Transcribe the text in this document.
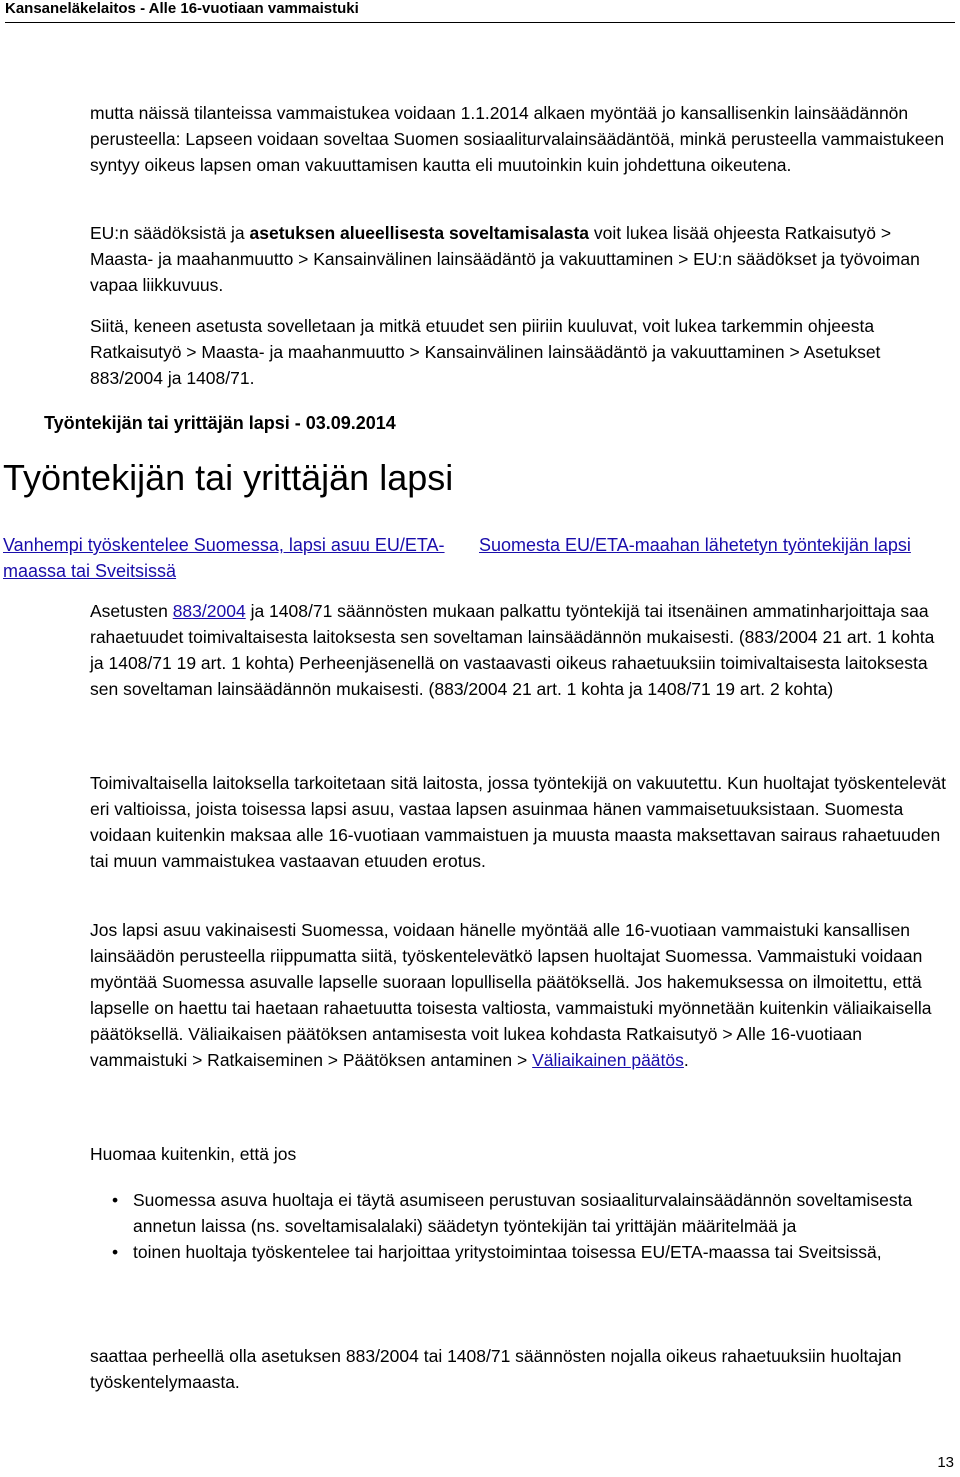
Kansaneläkelaitos - Alle 16-vuotiaan vammaistuki

mutta näissä tilanteissa vammaistukea voidaan 1.1.2014 alkaen myöntää jo kansallisenkin lainsäädännön perusteella: Lapseen voidaan soveltaa Suomen sosiaaliturvalainsäädäntöä, minkä perusteella vammaistukeen syntyy oikeus lapsen oman vakuuttamisen kautta eli muutoinkin kuin johdettuna oikeutena.

EU:n säädöksistä ja asetuksen alueellisesta soveltamisalasta voit lukea lisää ohjeesta Ratkaisutyö > Maasta- ja maahanmuutto > Kansainvälinen lainsäädäntö ja vakuuttaminen > EU:n säädökset ja työvoiman vapaa liikkuvuus.

Siitä, keneen asetusta sovelletaan ja mitkä etuudet sen piiriin kuuluvat, voit lukea tarkemmin ohjeesta Ratkaisutyö > Maasta- ja maahanmuutto > Kansainvälinen lainsäädäntö ja vakuuttaminen > Asetukset 883/2004 ja 1408/71.

Työntekijän tai yrittäjän lapsi - 03.09.2014
Työntekijän tai yrittäjän lapsi
Vanhempi työskentelee Suomessa, lapsi asuu EU/ETA-maassa tai Sveitsissä
Suomesta EU/ETA-maahan lähetetyn työntekijän lapsi

Asetusten 883/2004 ja 1408/71 säännösten mukaan palkattu työntekijä tai itsenäinen ammatinharjoittaja saa rahaetuudet toimivaltaisesta laitoksesta sen soveltaman lainsäädännön mukaisesti. (883/2004 21 art. 1 kohta ja 1408/71 19 art. 1 kohta) Perheenjäsenellä on vastaavasti oikeus rahaetuuksiin toimivaltaisesta laitoksesta sen soveltaman lainsäädännön mukaisesti. (883/2004 21 art. 1 kohta ja 1408/71 19 art. 2 kohta)

Toimivaltaisella laitoksella tarkoitetaan sitä laitosta, jossa työntekijä on vakuutettu. Kun huoltajat työskentelevät eri valtioissa, joista toisessa lapsi asuu, vastaa lapsen asuinmaa hänen vammaisetuuksistaan. Suomesta voidaan kuitenkin maksaa alle 16-vuotiaan vammaistuen ja muusta maasta maksettavan sairaus rahaetuuden tai muun vammaistukea vastaavan etuuden erotus.

Jos lapsi asuu vakinaisesti Suomessa, voidaan hänelle myöntää alle 16-vuotiaan vammaistuki kansallisen lainsäädön perusteella riippumatta siitä, työskentelevätkö lapsen huoltajat Suomessa. Vammaistuki voidaan myöntää Suomessa asuvalle lapselle suoraan lopullisella päätöksellä. Jos hakemuksessa on ilmoitettu, että lapselle on haettu tai haetaan rahaetuutta toisesta valtiosta, vammaistuki myönnetään kuitenkin väliaikaisella päätöksellä. Väliaikaisen päätöksen antamisesta voit lukea kohdasta Ratkaisutyö > Alle 16-vuotiaan vammaistuki > Ratkaiseminen > Päätöksen antaminen > Väliaikainen päätös.

Huomaa kuitenkin, että jos

• Suomessa asuva huoltaja ei täytä asumiseen perustuvan sosiaaliturvalainsäädännön soveltamisesta annetun laissa (ns. soveltamisalalaki) säädetyn työntekijän tai yrittäjän määritelmää ja
• toinen huoltaja työskentelee tai harjoittaa yritystoimintaa toisessa EU/ETA-maassa tai Sveitsissä,

saattaa perheellä olla asetuksen 883/2004 tai 1408/71 säännösten nojalla oikeus rahaetuuksiin huoltajan työskentelymaasta.

13
